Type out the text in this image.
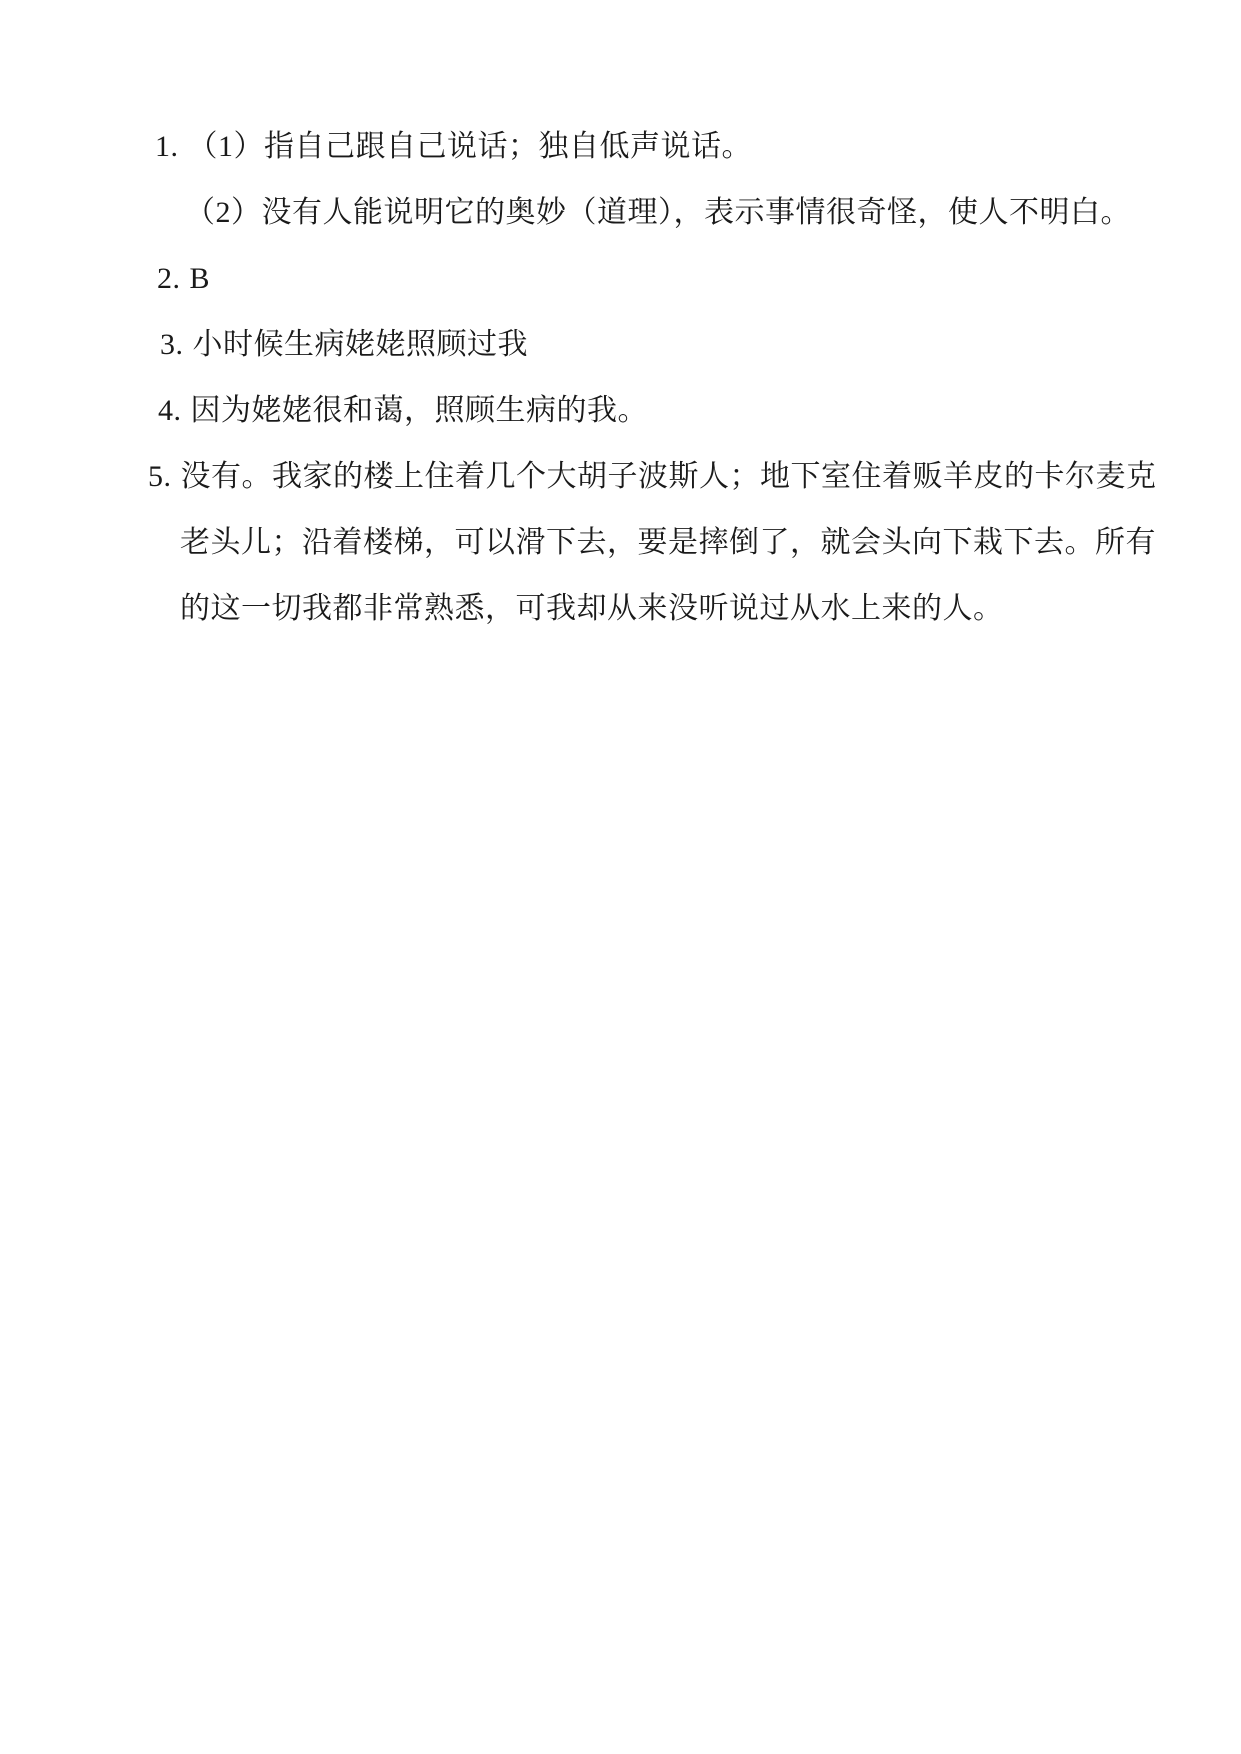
1. （1）指自己跟自己说话；独自低声说话。
（2）没有人能说明它的奥妙（道理），表示事情很奇怪，使人不明白。
2. B
3. 小时候生病姥姥照顾过我
4. 因为姥姥很和蔼，照顾生病的我。
5. 没有。我家的楼上住着几个大胡子波斯人；地下室住着贩羊皮的卡尔麦克
老头儿；沿着楼梯，可以滑下去，要是摔倒了，就会头向下栽下去。所有
的这一切我都非常熟悉，可我却从来没听说过从水上来的人。
